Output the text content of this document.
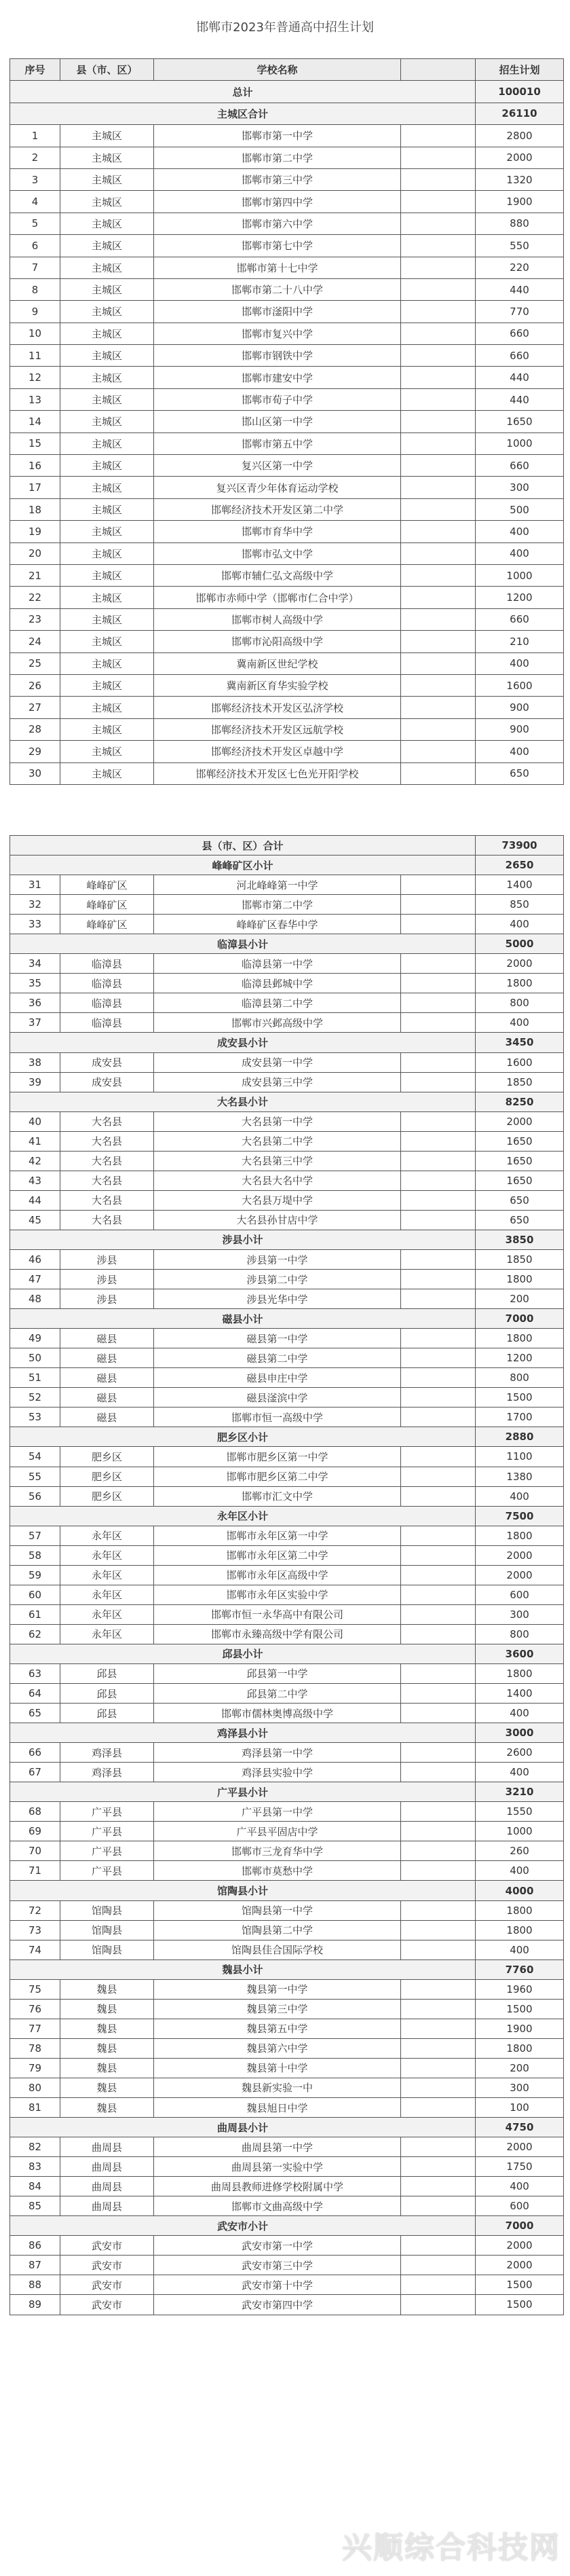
邯郸市2023年普通高中招生计划
序号	县（市、区）	学校名称		招生计划
总计				100010
主城区合计				26110
1	主城区	邯郸市第一中学		2800
2	主城区	邯郸市第二中学		2000
3	主城区	邯郸市第三中学		1320
4	主城区	邯郸市第四中学		1900
5	主城区	邯郸市第六中学		880
6	主城区	邯郸市第七中学		550
7	主城区	邯郸市第十七中学		220
8	主城区	邯郸市第二十八中学		440
9	主城区	邯郸市滏阳中学		770
10	主城区	邯郸市复兴中学		660
11	主城区	邯郸市钢铁中学		660
12	主城区	邯郸市建安中学		440
13	主城区	邯郸市荀子中学		440
14	主城区	邯山区第一中学		1650
15	主城区	邯郸市第五中学		1000
16	主城区	复兴区第一中学		660
17	主城区	复兴区青少年体育运动学校		300
18	主城区	邯郸经济技术开发区第二中学		500
19	主城区	邯郸市育华中学		400
20	主城区	邯郸市弘文中学		400
21	主城区	邯郸市辅仁弘文高级中学		1000
22	主城区	邯郸市赤师中学（邯郸市仁合中学）		1200
23	主城区	邯郸市树人高级中学		660
24	主城区	邯郸市沁阳高级中学		210
25	主城区	冀南新区世纪学校		400
26	主城区	冀南新区育华实验学校		1600
27	主城区	邯郸经济技术开发区弘济学校		900
28	主城区	邯郸经济技术开发区远航学校		900
29	主城区	邯郸经济技术开发区卓越中学		400
30	主城区	邯郸经济技术开发区七色光开阳学校		650
县（市、区）合计				73900
峰峰矿区小计				2650
31	峰峰矿区	河北峰峰第一中学		1400
32	峰峰矿区	邯郸市第二中学		850
33	峰峰矿区	峰峰矿区春华中学		400
临漳县小计				5000
34	临漳县	临漳县第一中学		2000
35	临漳县	临漳县邺城中学		1800
36	临漳县	临漳县第二中学		800
37	临漳县	邯郸市兴邺高级中学		400
成安县小计				3450
38	成安县	成安县第一中学		1600
39	成安县	成安县第三中学		1850
大名县小计				8250
40	大名县	大名县第一中学		2000
41	大名县	大名县第二中学		1650
42	大名县	大名县第三中学		1650
43	大名县	大名县大名中学		1650
44	大名县	大名县万堤中学		650
45	大名县	大名县孙甘店中学		650
涉县小计				3850
46	涉县	涉县第一中学		1850
47	涉县	涉县第二中学		1800
48	涉县	涉县光华中学		200
磁县小计				7000
49	磁县	磁县第一中学		1800
50	磁县	磁县第二中学		1200
51	磁县	磁县申庄中学		800
52	磁县	磁县滏滨中学		1500
53	磁县	邯郸市恒一高级中学		1700
肥乡区小计				2880
54	肥乡区	邯郸市肥乡区第一中学		1100
55	肥乡区	邯郸市肥乡区第二中学		1380
56	肥乡区	邯郸市汇文中学		400
永年区小计				7500
57	永年区	邯郸市永年区第一中学		1800
58	永年区	邯郸市永年区第二中学		2000
59	永年区	邯郸市永年区高级中学		2000
60	永年区	邯郸市永年区实验中学		600
61	永年区	邯郸市恒一永华高中有限公司		300
62	永年区	邯郸市永臻高级中学有限公司		800
邱县小计				3600
63	邱县	邱县第一中学		1800
64	邱县	邱县第二中学		1400
65	邱县	邯郸市儒林奥博高级中学		400
鸡泽县小计				3000
66	鸡泽县	鸡泽县第一中学		2600
67	鸡泽县	鸡泽县实验中学		400
广平县小计				3210
68	广平县	广平县第一中学		1550
69	广平县	广平县平固店中学		1000
70	广平县	邯郸市三龙育华中学		260
71	广平县	邯郸市莫愁中学		400
馆陶县小计				4000
72	馆陶县	馆陶县第一中学		1800
73	馆陶县	馆陶县第二中学		1800
74	馆陶县	馆陶县佳合国际学校		400
魏县小计				7760
75	魏县	魏县第一中学		1960
76	魏县	魏县第三中学		1500
77	魏县	魏县第五中学		1900
78	魏县	魏县第六中学		1800
79	魏县	魏县第十中学		200
80	魏县	魏县新实验一中		300
81	魏县	魏县旭日中学		100
曲周县小计				4750
82	曲周县	曲周县第一中学		2000
83	曲周县	曲周县第一实验中学		1750
84	曲周县	曲周县教师进修学校附属中学		400
85	曲周县	邯郸市文曲高级中学		600
武安市小计				7000
86	武安市	武安市第一中学		2000
87	武安市	武安市第三中学		2000
88	武安市	武安市第十中学		1500
89	武安市	武安市第四中学		1500
兴顺综合科技网
